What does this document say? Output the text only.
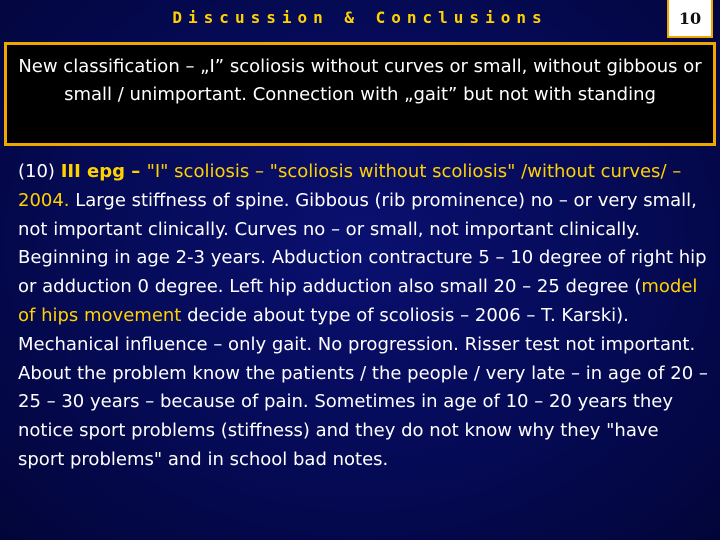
Discussion & Conclusions	10
New classification – „I” scoliosis without curves or small, without gibbous or small / unimportant. Connection with „gait” but not with standing
(10) III epg – "I" scoliosis – "scoliosis without scoliosis" /without curves/ – 2004. Large stiffness of spine. Gibbous (rib prominence) no – or very small, not important clinically. Curves no – or small, not important clinically. Beginning in age 2-3 years. Abduction contracture 5 – 10 degree of right hip or adduction 0 degree. Left hip adduction also small 20 – 25 degree (model of hips movement decide about type of scoliosis – 2006 – T. Karski). Mechanical influence – only gait. No progression. Risser test not important. About the problem know the patients / the people / very late – in age of 20 – 25 – 30 years – because of pain. Sometimes in age of 10 – 20 years they notice sport problems (stiffness) and they do not know why they "have sport problems" and in school bad notes.
